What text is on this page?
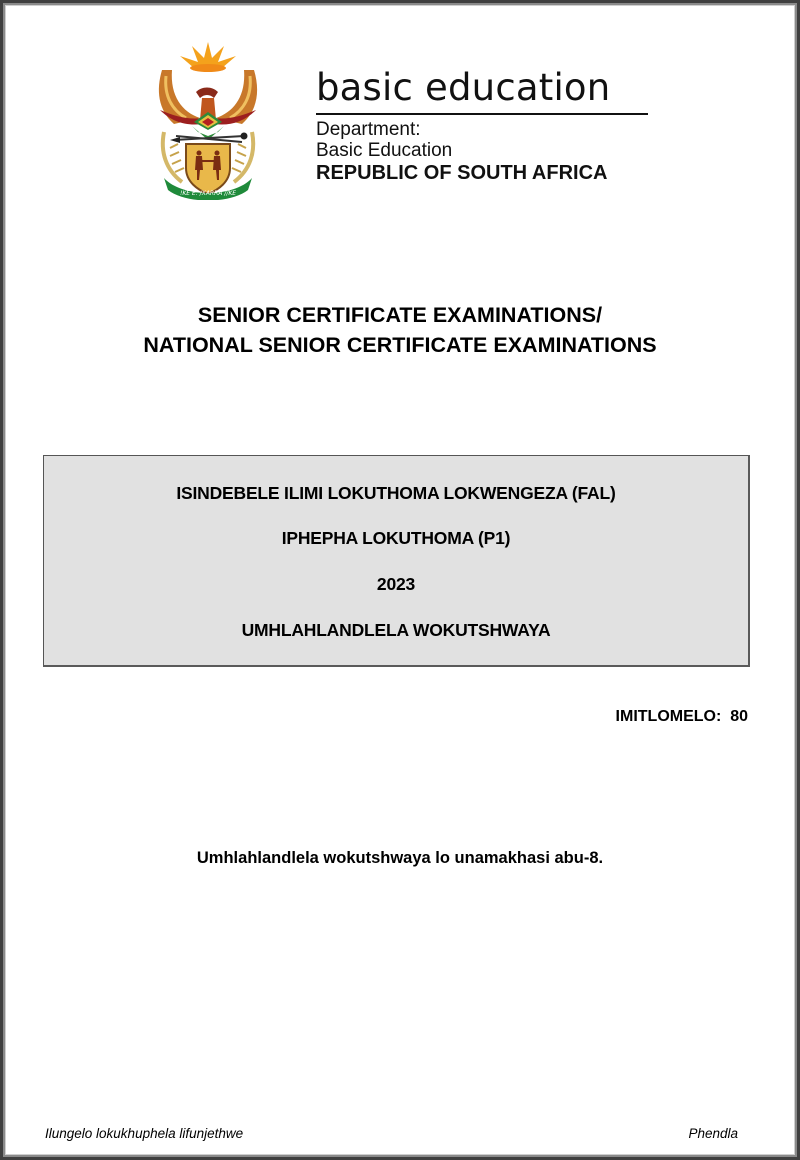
!KE E: /XARRA //KE
basic education
Department:
Basic Education
REPUBLIC OF SOUTH AFRICA
SENIOR CERTIFICATE EXAMINATIONS/
NATIONAL SENIOR CERTIFICATE EXAMINATIONS
ISINDEBELE ILIMI LOKUTHOMA LOKWENGEZA (FAL)
IPHEPHA LOKUTHOMA (P1)
2023
UMHLAHLANDLELA WOKUTSHWAYA
IMITLOMELO: 80
Umhlahlandlela wokutshwaya lo unamakhasi abu-8.
Ilungelo lokukhuphela lifunjethwe	Phendla
